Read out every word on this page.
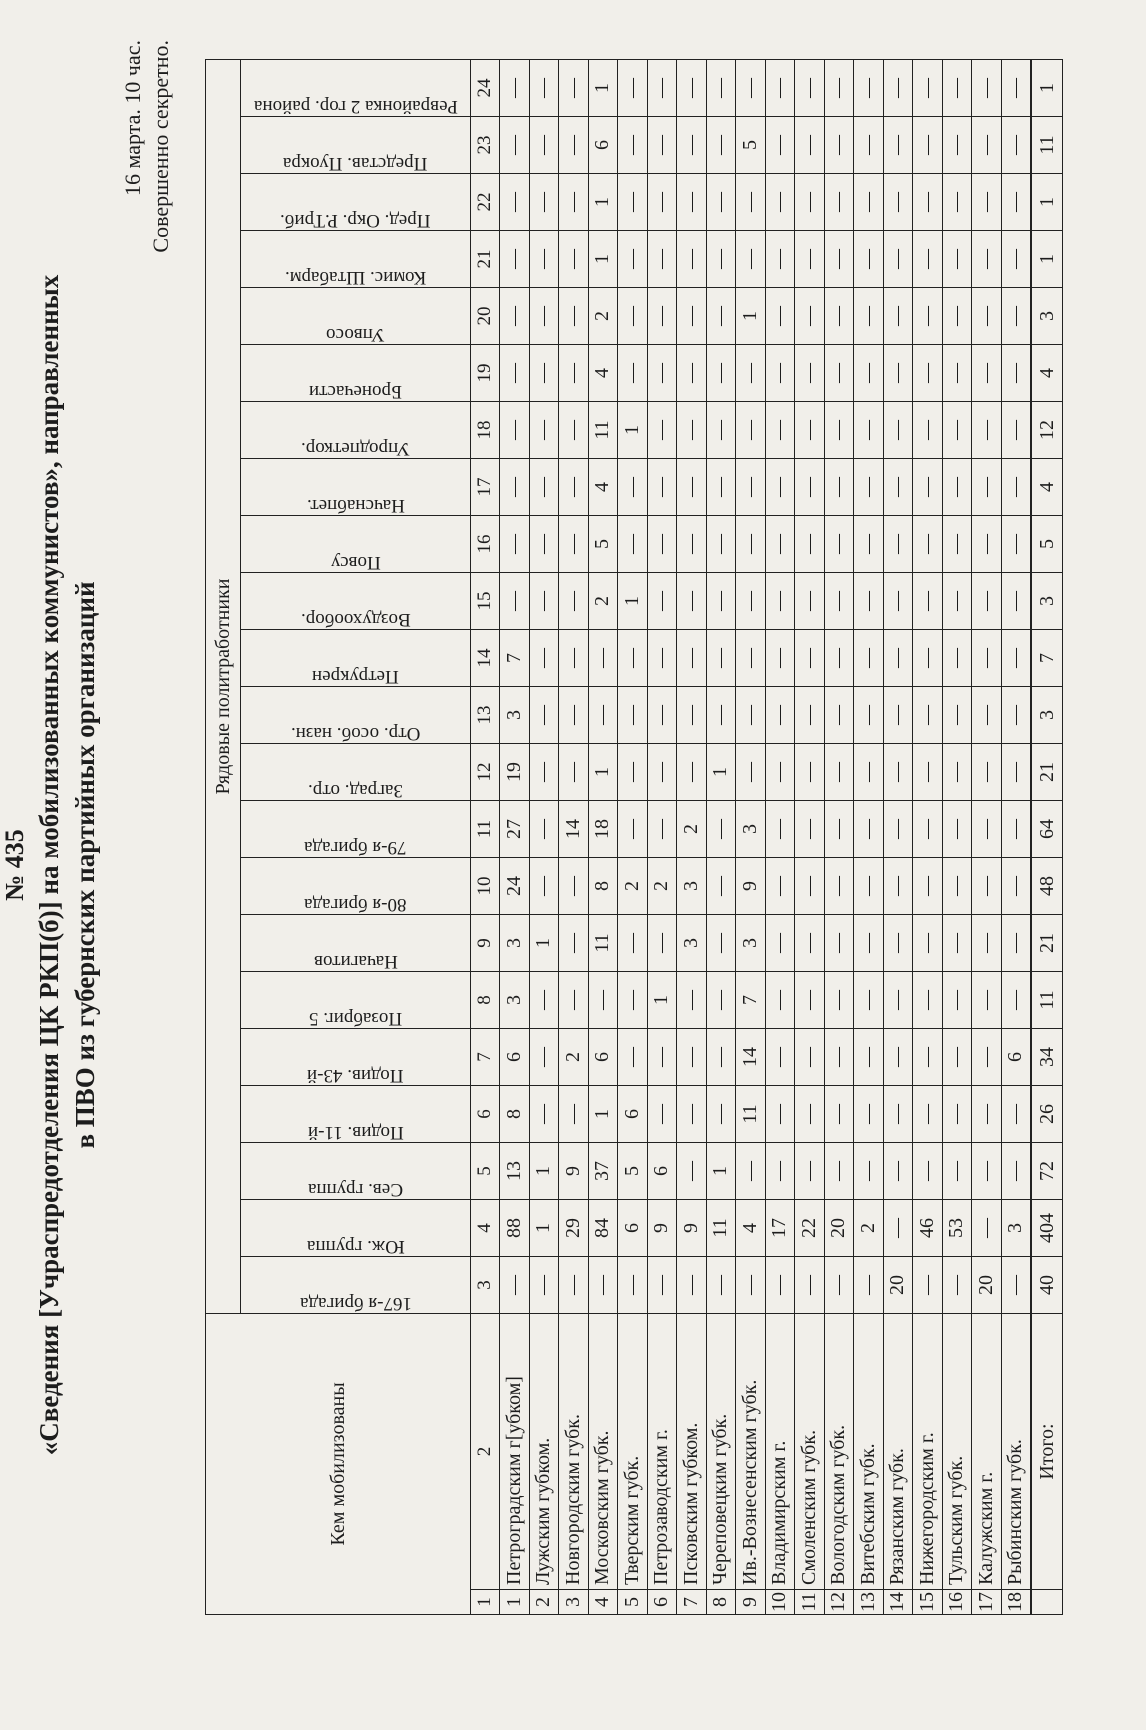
№ 435 «Сведения [Учраспредотделения ЦК РКП(б)] на мобилизованных коммунистов», направленных в ПВО из губернских партийных организаций
16 марта. 10 час. Совершенно секретно.
Кем мобилизованы		Рядовые политработники																					

		167-я бригада	Юж. группа	Сев. группа	Подив. 11-й	Подив. 43-й	Позабриг. 5	Начагитов	80-я бригада	79-я бригада	Заград. отр.	Отр. особ. назн.	Петрукрен	Воздухообор.	Повсу	Начснабпет.	Упродпеткор.	Бронечасти	Упвосо	Комис. Штабарм.	Пред. Окр. Р.Триб.	Представ. Пуокра	Реврайонка 2 гор. района

1	2	3	4	5	6	7	8	9	10	11	12	13	14	15	16	17	18	19	20	21	22	23	24
1	Петроградским г[убком]	—	88	13	8	6	3	3	24	27	19	3	7	—	—	—	—	—	—	—	—	—	—
2	Лужским губком.	—	1	1	—	—	—	1	—	—	—	—	—	—	—	—	—	—	—	—	—	—	—
3	Новгородским губк.	—	29	9	—	2	—	—	—	14	—	—	—	—	—	—	—	—	—	—	—	—	—
4	Московским губк.	—	84	37	1	6	—	11	8	18	1	—	—	2	5	4	11	4	2	1	1	6	1
5	Тверским губк.	—	6	5	6	—	—	—	2	—	—	—	—	1	—	—	1	—	—	—	—	—	—
6	Петрозаводским г.	—	9	6	—	—	1	—	2	—	—	—	—	—	—	—	—	—	—	—	—	—	—
7	Псковским губком.	—	9	—	—	—	—	3	3	2	—	—	—	—	—	—	—	—	—	—	—	—	—
8	Череповецким губк.	—	11	1	—	—	—	—	—	—	1	—	—	—	—	—	—	—	—	—	—	—	—
9	Ив.-Вознесенским губк.	—	4	—	11	14	7	3	9	3	—	—	—	—	—	—	—	—	1	—	—	5	—
10	Владимирским г.	—	17	—	—	—	—	—	—	—	—	—	—	—	—	—	—	—	—	—	—	—	—
11	Смоленским губк.	—	22	—	—	—	—	—	—	—	—	—	—	—	—	—	—	—	—	—	—	—	—
12	Вологодским губк.	—	20	—	—	—	—	—	—	—	—	—	—	—	—	—	—	—	—	—	—	—	—
13	Витебским губк.	—	2	—	—	—	—	—	—	—	—	—	—	—	—	—	—	—	—	—	—	—	—
14	Рязанским губк.	20	—	—	—	—	—	—	—	—	—	—	—	—	—	—	—	—	—	—	—	—	—
15	Нижегородским г.	—	46	—	—	—	—	—	—	—	—	—	—	—	—	—	—	—	—	—	—	—	—
16	Тульским губк.	—	53	—	—	—	—	—	—	—	—	—	—	—	—	—	—	—	—	—	—	—	—
17	Калужским г.	20	—	—	—	—	—	—	—	—	—	—	—	—	—	—	—	—	—	—	—	—	—
18	Рыбинским губк.	—	3	—	—	6	—	—	—	—	—	—	—	—	—	—	—	—	—	—	—	—	—
	Итого:	40	404	72	26	34	11	21	48	64	21	3	7	3	5	4	12	4	3	1	1	11	1
